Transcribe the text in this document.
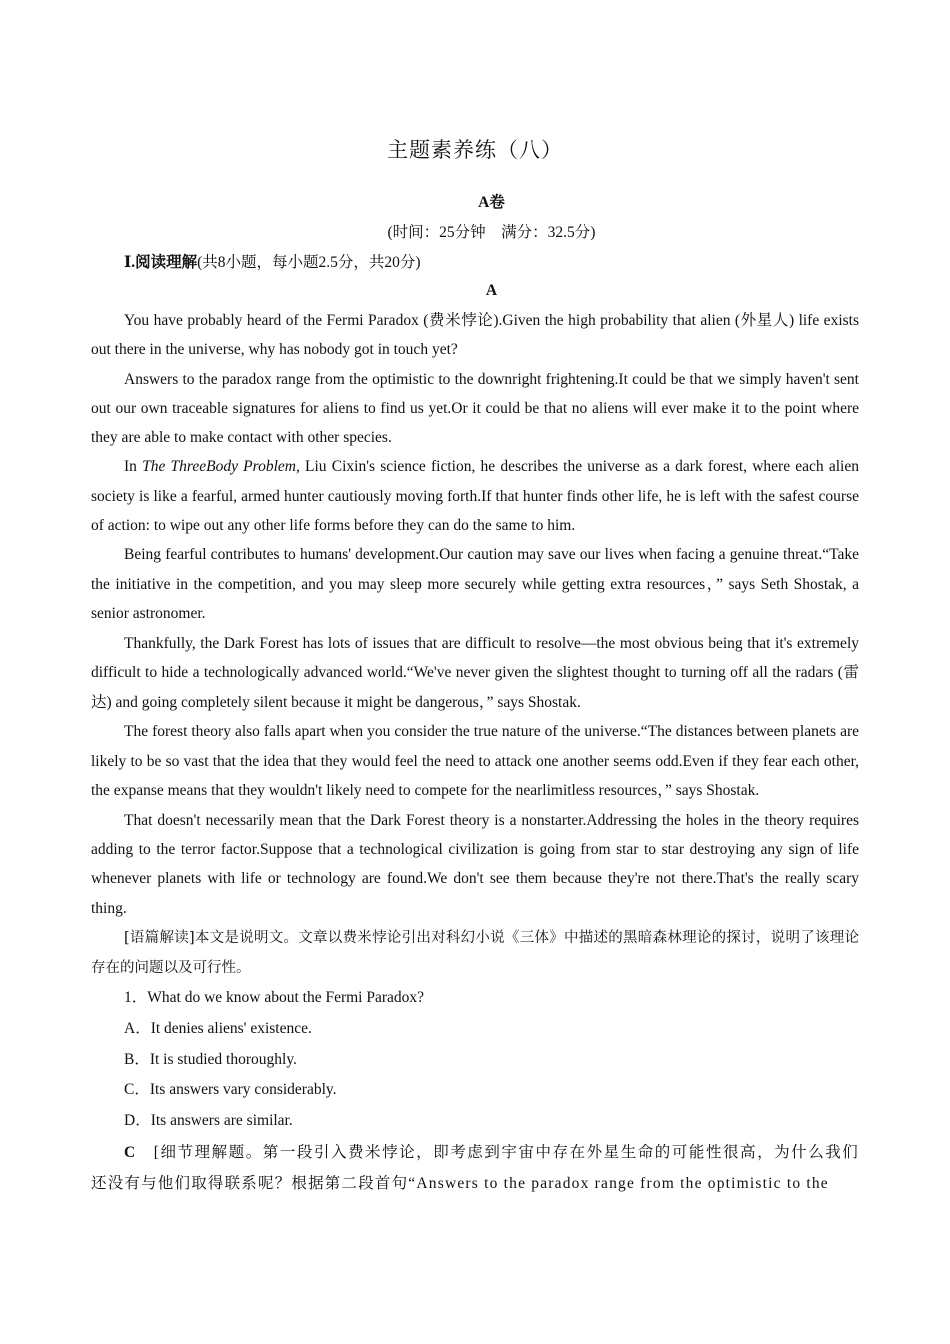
主题素养练（八）
A卷
(时间：25分钟　满分：32.5分)
Ⅰ.阅读理解(共8小题，每小题2.5分，共20分)
A

You have probably heard of the Fermi Paradox (费米悖论).Given the high probability that alien (外星人) life exists out there in the universe, why has nobody got in touch yet?

Answers to the paradox range from the optimistic to the downright frightening.It could be that we simply haven't sent out our own traceable signatures for aliens to find us yet.Or it could be that no aliens will ever make it to the point where they are able to make contact with other species.

In The ThreeBody Problem, Liu Cixin's science fiction, he describes the universe as a dark forest, where each alien society is like a fearful, armed hunter cautiously moving forth.If that hunter finds other life, he is left with the safest course of action: to wipe out any other life forms before they can do the same to him.

Being fearful contributes to humans' development.Our caution may save our lives when facing a genuine threat.“Take the initiative in the competition, and you may sleep more securely while getting extra resources，” says Seth Shostak, a senior astronomer.

Thankfully, the Dark Forest has lots of issues that are difficult to resolve—the most obvious being that it's extremely difficult to hide a technologically advanced world.“We've never given the slightest thought to turning off all the radars (雷达) and going completely silent because it might be dangerous，” says Shostak.

The forest theory also falls apart when you consider the true nature of the universe.“The distances between planets are likely to be so vast that the idea that they would feel the need to attack one another seems odd.Even if they fear each other, the expanse means that they wouldn't likely need to compete for the nearlimitless resources，” says Shostak.

That doesn't necessarily mean that the Dark Forest theory is a nonstarter.Addressing the holes in the theory requires adding to the terror factor.Suppose that a technological civilization is going from star to star destroying any sign of life whenever planets with life or technology are found.We don't see them because they're not there.That's the really scary thing.

[语篇解读]本文是说明文。文章以费米悖论引出对科幻小说《三体》中描述的黑暗森林理论的探讨，说明了该理论存在的问题以及可行性。

1．What do we know about the Fermi Paradox?

A．It denies aliens' existence.

B．It is studied thoroughly.

C．Its answers vary considerably.

D．Its answers are similar.

C　[细节理解题。第一段引入费米悖论，即考虑到宇宙中存在外星生命的可能性很高，为什么我们还没有与他们取得联系呢？根据第二段首句“Answers to the paradox range from the optimistic to the
